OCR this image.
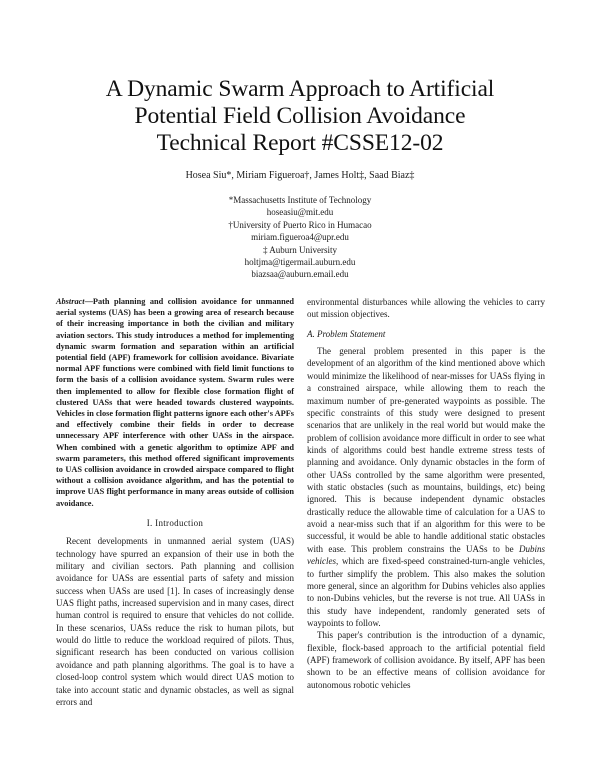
A Dynamic Swarm Approach to Artificial
Potential Field Collision Avoidance
Technical Report #CSSE12-02
Hosea Siu*, Miriam Figueroa†, James Holt‡, Saad Biaz‡
*Massachusetts Institute of Technology
hoseasiu@mit.edu
†University of Puerto Rico in Humacao
miriam.figueroa4@upr.edu
‡ Auburn University
holtjma@tigermail.auburn.edu
biazsaa@auburn.email.edu
Abstract—Path planning and collision avoidance for unmanned aerial systems (UAS) has been a growing area of research because of their increasing importance in both the civilian and military aviation sectors. This study introduces a method for implementing dynamic swarm formation and separation within an artificial potential field (APF) framework for collision avoidance. Bivariate normal APF functions were combined with field limit functions to form the basis of a collision avoidance system. Swarm rules were then implemented to allow for flexible close formation flight of clustered UASs that were headed towards clustered waypoints. Vehicles in close formation flight patterns ignore each other's APFs and effectively combine their fields in order to decrease unnecessary APF interference with other UASs in the airspace. When combined with a genetic algorithm to optimize APF and swarm parameters, this method offered significant improvements to UAS collision avoidance in crowded airspace compared to flight without a collision avoidance algorithm, and has the potential to improve UAS flight performance in many areas outside of collision avoidance.
I. Introduction

Recent developments in unmanned aerial system (UAS) technology have spurred an expansion of their use in both the military and civilian sectors. Path planning and collision avoidance for UASs are essential parts of safety and mission success when UASs are used [1]. In cases of increasingly dense UAS flight paths, increased supervision and in many cases, direct human control is required to ensure that vehicles do not collide. In these scenarios, UASs reduce the risk to human pilots, but would do little to reduce the workload required of pilots. Thus, significant research has been conducted on various collision avoidance and path planning algorithms. The goal is to have a closed-loop control system which would direct UAS motion to take into account static and dynamic obstacles, as well as signal errors and

environmental disturbances while allowing the vehicles to carry out mission objectives.

A. Problem Statement

The general problem presented in this paper is the development of an algorithm of the kind mentioned above which would minimize the likelihood of near-misses for UASs flying in a constrained airspace, while allowing them to reach the maximum number of pre-generated waypoints as possible. The specific constraints of this study were designed to present scenarios that are unlikely in the real world but would make the problem of collision avoidance more difficult in order to see what kinds of algorithms could best handle extreme stress tests of planning and avoidance. Only dynamic obstacles in the form of other UASs controlled by the same algorithm were presented, with static obstacles (such as mountains, buildings, etc) being ignored. This is because independent dynamic obstacles drastically reduce the allowable time of calculation for a UAS to avoid a near-miss such that if an algorithm for this were to be successful, it would be able to handle additional static obstacles with ease. This problem constrains the UASs to be Dubins vehicles, which are fixed-speed constrained-turn-angle vehicles, to further simplify the problem. This also makes the solution more general, since an algorithm for Dubins vehicles also applies to non-Dubins vehicles, but the reverse is not true. All UASs in this study have independent, randomly generated sets of waypoints to follow.

This paper's contribution is the introduction of a dynamic, flexible, flock-based approach to the artificial potential field (APF) framework of collision avoidance. By itself, APF has been shown to be an effective means of collision avoidance for autonomous robotic vehicles
